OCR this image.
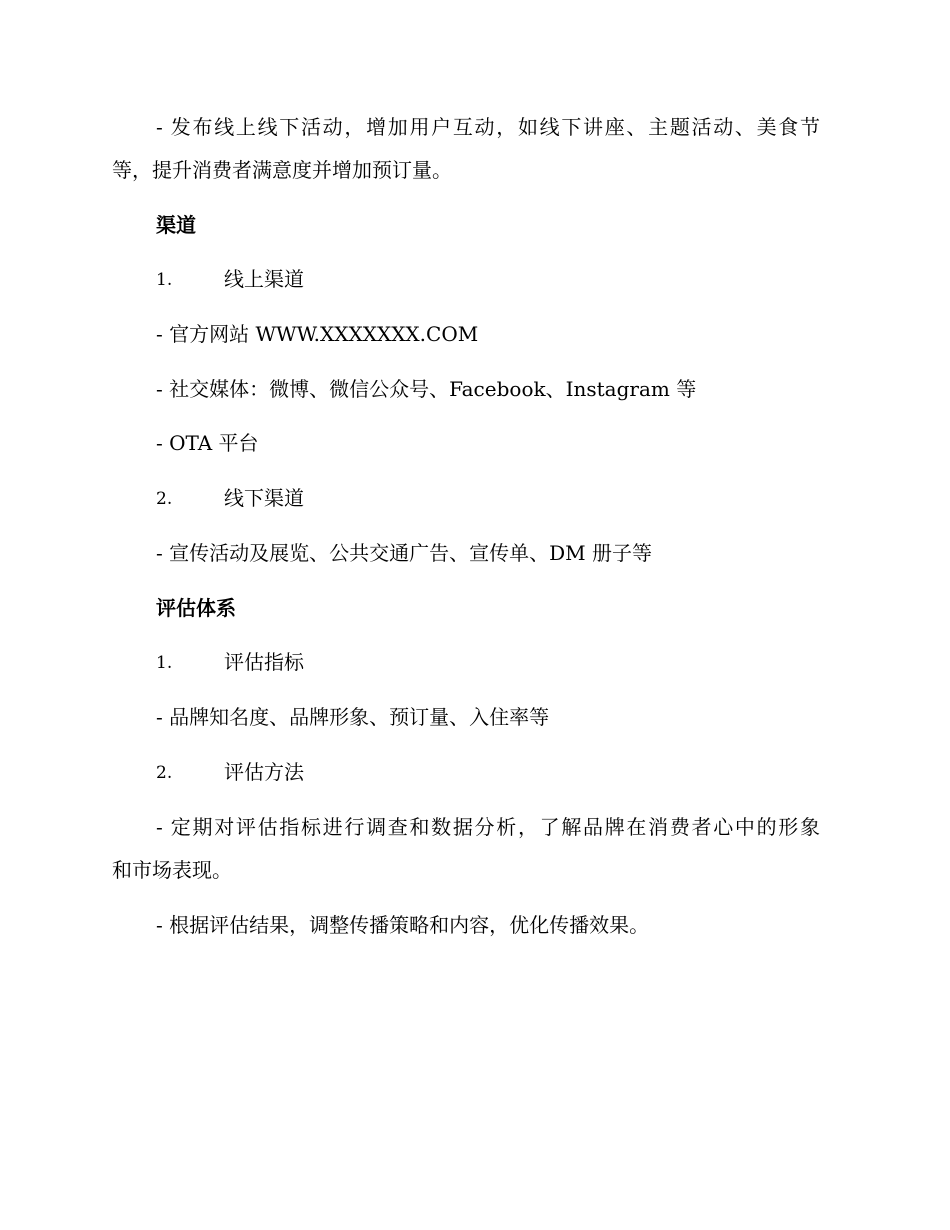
- 发布线上线下活动，增加用户互动，如线下讲座、主题活动、美食节
等，提升消费者满意度并增加预订量。
渠道
1.	线上渠道
- 官方网站 WWW.XXXXXXX.COM
- 社交媒体：微博、微信公众号、Facebook、Instagram 等
- OTA 平台
2.	线下渠道
- 宣传活动及展览、公共交通广告、宣传单、DM 册子等
评估体系
1.	评估指标
- 品牌知名度、品牌形象、预订量、入住率等
2.	评估方法
- 定期对评估指标进行调查和数据分析，了解品牌在消费者心中的形象
和市场表现。
- 根据评估结果，调整传播策略和内容，优化传播效果。
